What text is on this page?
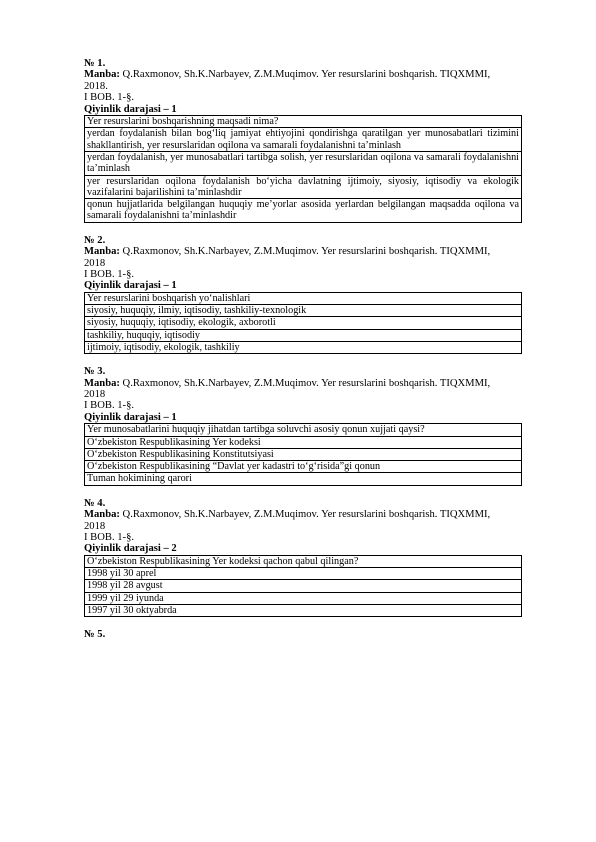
№ 1.
Manba: Q.Raxmonov, Sh.K.Narbayev, Z.M.Muqimov. Yer resurslarini boshqarish. TIQXMMI,
2018.
I BOB. 1-§.
Qiyinlik darajasi – 1
Yer resurslarini boshqarishning maqsadi nima?
yerdan foydalanish bilan bog‘liq jamiyat ehtiyojini qondirishga qaratilgan yer munosabatlari tizimini shakllantirish, yer resurslaridan oqilona va samarali foydalanishni ta’minlash
yerdan foydalanish, yer munosabatlari tartibga solish, yer resurslaridan oqilona va samarali foydalanishni ta’minlash
yer resurslaridan oqilona foydalanish bo‘yicha davlatning ijtimoiy, siyosiy, iqtisodiy va ekologik vazifalarini bajarilishini ta’minlashdir
qonun hujjatlarida belgilangan huquqiy me’yorlar asosida yerlardan belgilangan maqsadda oqilona va samarali foydalanishni ta’minlashdir
№ 2.
Manba: Q.Raxmonov, Sh.K.Narbayev, Z.M.Muqimov. Yer resurslarini boshqarish. TIQXMMI,
2018
I BOB. 1-§.
Qiyinlik darajasi – 1
Yer resurslarini boshqarish yo‘nalishlari
siyosiy, huquqiy, ilmiy, iqtisodiy, tashkiliy-texnologik
siyosiy, huquqiy, iqtisodiy, ekologik, axborotli
tashkiliy, huquqiy, iqtisodiy
ijtimoiy, iqtisodiy, ekologik, tashkiliy
№ 3.
Manba: Q.Raxmonov, Sh.K.Narbayev, Z.M.Muqimov. Yer resurslarini boshqarish. TIQXMMI,
2018
I BOB. 1-§.
Qiyinlik darajasi – 1
Yer munosabatlarini huquqiy jihatdan tartibga soluvchi asosiy qonun xujjati qaysi?
O‘zbekiston Respublikasining Yer kodeksi
O‘zbekiston Respublikasining Konstitutsiyasi
O‘zbekiston Respublikasining “Davlat yer kadastri to‘g‘risida”gi qonun
Tuman hokimining qarori
№ 4.
Manba: Q.Raxmonov, Sh.K.Narbayev, Z.M.Muqimov. Yer resurslarini boshqarish. TIQXMMI,
2018
I BOB. 1-§.
Qiyinlik darajasi – 2
O‘zbekiston Respublikasining Yer kodeksi qachon qabul qilingan?
1998 yil 30 aprel
1998 yil 28 avgust
1999 yil 29 iyunda
1997 yil 30 oktyabrda
№ 5.
